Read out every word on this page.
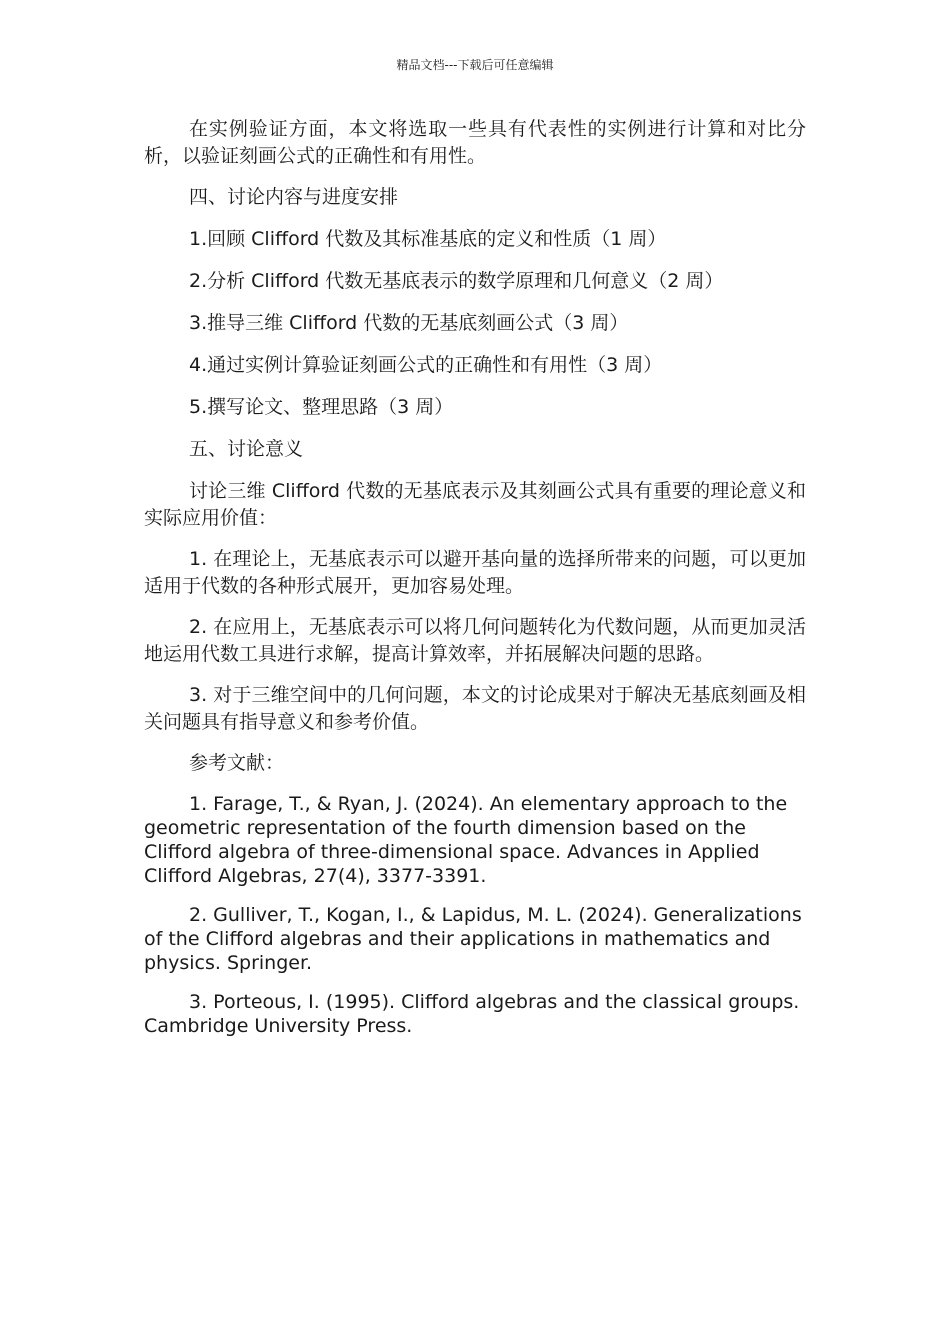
精品文档---下载后可任意编辑

在实例验证方面，本文将选取一些具有代表性的实例进行计算和对比分析，以验证刻画公式的正确性和有用性。

四、讨论内容与进度安排

1.回顾 Clifford 代数及其标准基底的定义和性质（1 周）

2.分析 Clifford 代数无基底表示的数学原理和几何意义（2 周）

3.推导三维 Clifford 代数的无基底刻画公式（3 周）

4.通过实例计算验证刻画公式的正确性和有用性（3 周）

5.撰写论文、整理思路（3 周）

五、讨论意义

讨论三维 Clifford 代数的无基底表示及其刻画公式具有重要的理论意义和实际应用价值：

1. 在理论上，无基底表示可以避开基向量的选择所带来的问题，可以更加适用于代数的各种形式展开，更加容易处理。

2. 在应用上，无基底表示可以将几何问题转化为代数问题，从而更加灵活地运用代数工具进行求解，提高计算效率，并拓展解决问题的思路。

3. 对于三维空间中的几何问题，本文的讨论成果对于解决无基底刻画及相关问题具有指导意义和参考价值。

参考文献：

1. Farage, T., & Ryan, J. (2024). An elementary approach to the geometric representation of the fourth dimension based on the Clifford algebra of three-dimensional space. Advances in Applied Clifford Algebras, 27(4), 3377-3391.

2. Gulliver, T., Kogan, I., & Lapidus, M. L. (2024). Generalizations of the Clifford algebras and their applications in mathematics and physics. Springer.

3. Porteous, I. (1995). Clifford algebras and the classical groups. Cambridge University Press.
